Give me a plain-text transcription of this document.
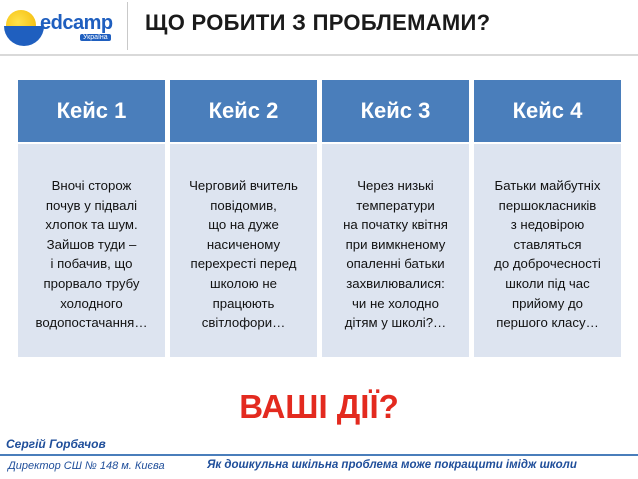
edcamp
Україна
ЩО РОБИТИ З ПРОБЛЕМАМИ?
Кейс 1
Вночі сторож
почув у підвалі
хлопок та шум.
Зайшов туди –
і побачив, що
прорвало трубу
холодного
водопостачання…
Кейс 2
Черговий вчитель
повідомив,
що на дуже
насиченому
перехресті перед
школою не
працюють
світлофори…
Кейс 3
Через низькі
температури
на початку квітня
при вимкненому
опаленні батьки
захвилювалися:
чи не холодно
дітям у школі?…
Кейс 4
Батьки майбутніх
першокласників
з недовірою
ставляться
до доброчесності
школи під час
прийому до
першого класу…
ВАШІ ДІЇ?
Сергій Горбачов
Директор СШ № 148 м. Києва	Як дошкульна шкільна проблема може покращити імідж школи
